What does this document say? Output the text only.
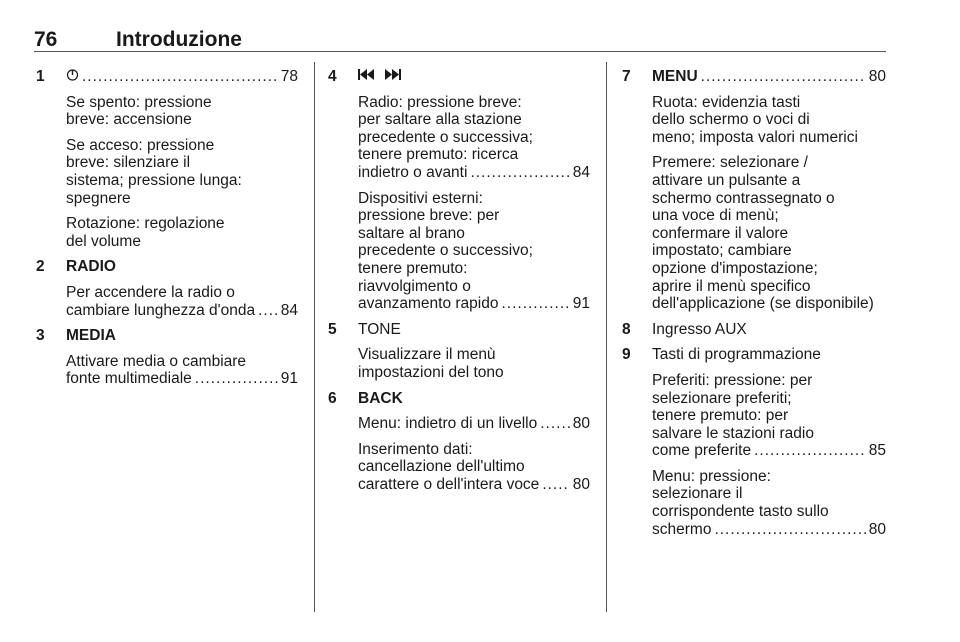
76	Introduzione
1 .....	78
Se spento: pressione
breve: accensione
Se acceso: pressione
breve: silenziare il
sistema; pressione lunga:
spegnere
Rotazione: regolazione
del volume
2 RADIO
Per accendere la radio o
cambiare lunghezza d'onda ..... 84
3 MEDIA
Attivare media o cambiare
fonte multimediale .....	91
4
Radio: pressione breve:
per saltare alla stazione
precedente o successiva;
tenere premuto: ricerca
indietro o avanti .....	84
Dispositivi esterni:
pressione breve: per
saltare al brano
precedente o successivo;
tenere premuto:
riavvolgimento o
avanzamento rapido .....	91
5 TONE
Visualizzare il menù
impostazioni del tono
6 BACK
Menu: indietro di un livello ..... 80
Inserimento dati:
cancellazione dell'ultimo
carattere o dell'intera voce ..... 80
7 MENU .....	80
Ruota: evidenzia tasti
dello schermo o voci di
meno; imposta valori numerici
Premere: selezionare /
attivare un pulsante a
schermo contrassegnato o
una voce di menù;
confermare il valore
impostato; cambiare
opzione d'impostazione;
aprire il menù specifico
dell'applicazione (se disponibile)
8 Ingresso AUX
9 Tasti di programmazione
Preferiti: pressione: per
selezionare preferiti;
tenere premuto: per
salvare le stazioni radio
come preferite .....	85
Menu: pressione:
selezionare il
corrispondente tasto sullo
schermo .....	80
